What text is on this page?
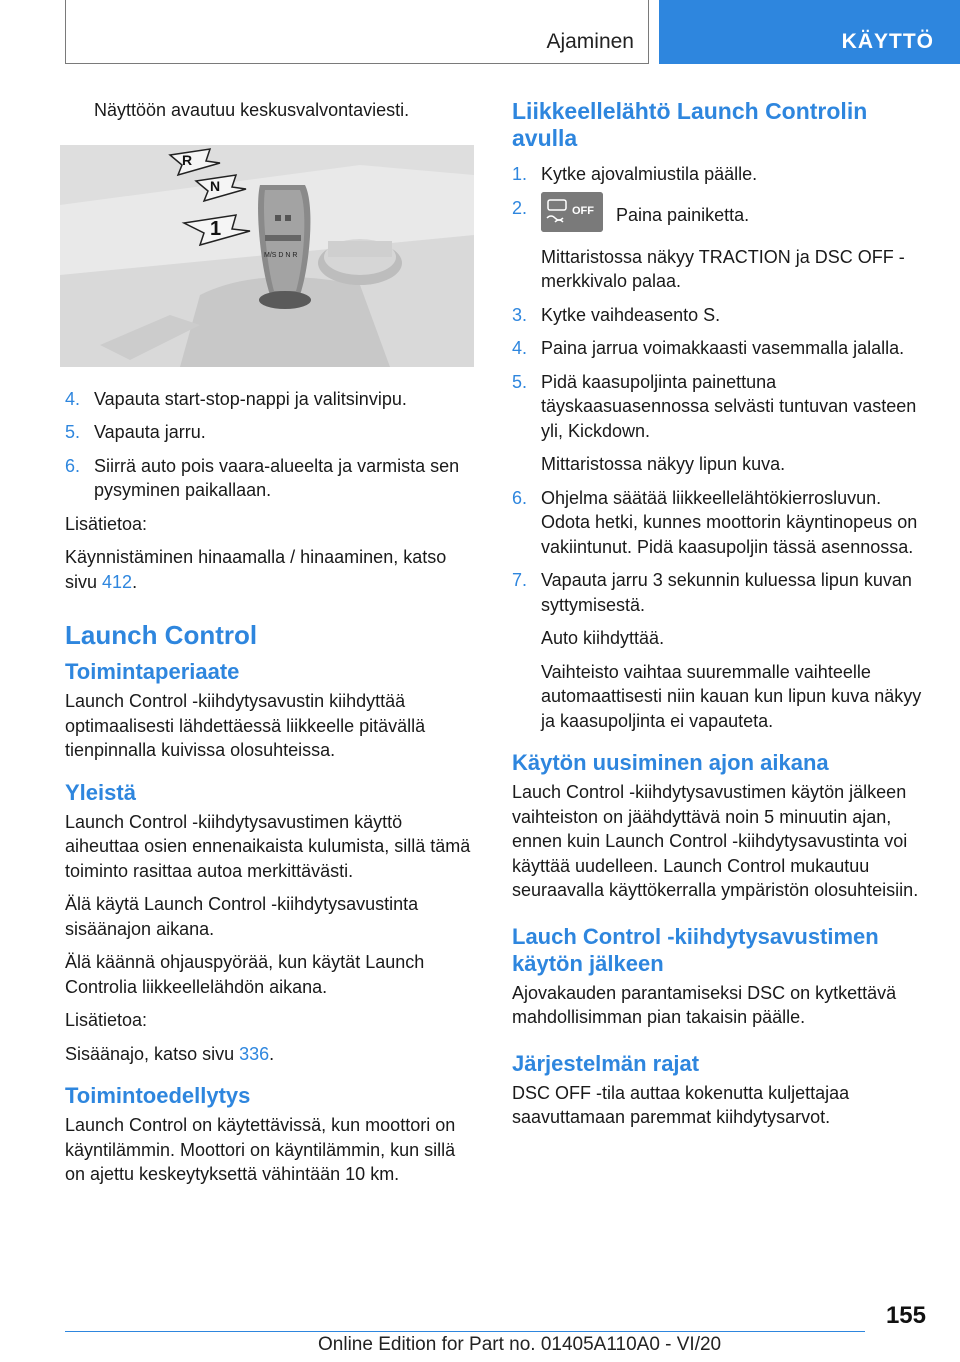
Ajaminen	KÄYTTÖ

Näyttöön avautuu keskusvalvontaviesti.

R
N
1
M/S D N R
4. Vapauta start-stop-nappi ja valitsinvipu.
5. Vapauta jarru.
6. Siirrä auto pois vaara-alueelta ja varmista sen pysyminen paikallaan.

Lisätietoa:

Käynnistäminen hinaamalla / hinaaminen, katso sivu 412.

Launch Control
Toimintaperiaate

Launch Control -kiihdytysavustin kiihdyttää optimaalisesti lähdettäessä liikkeelle pitävällä tienpinnalla kuivissa olosuhteissa.

Yleistä

Launch Control -kiihdytysavustimen käyttö aiheuttaa osien ennenaikaista kulumista, sillä tämä toiminto rasittaa autoa merkittävästi.

Älä käytä Launch Control -kiihdytysavustinta sisäänajon aikana.

Älä käännä ohjauspyörää, kun käytät Launch Controlia liikkeellelähdön aikana.

Lisätietoa:

Sisäänajo, katso sivu 336.

Toimintoedellytys

Launch Control on käytettävissä, kun moottori on käyntilämmin. Moottori on käyntilämmin, kun sillä on ajettu keskeytyksettä vähintään 10 km.

Liikkeellelähtö Launch Controlin avulla
1. Kytke ajovalmiustila päälle.
2.	OFF Paina painiketta.
Mittaristossa näkyy TRACTION ja DSC OFF -merkkivalo palaa.
3. Kytke vaihdeasento S.
4. Paina jarrua voimakkaasti vasemmalla jalalla.
5. Pidä kaasupoljinta painettuna täyskaasuasennossa selvästi tuntuvan vasteen yli, Kickdown.
Mittaristossa näkyy lipun kuva.
6. Ohjelma säätää liikkeellelähtökierrosluvun. Odota hetki, kunnes moottorin käyntinopeus on vakiintunut. Pidä kaasupoljin tässä asennossa.
7. Vapauta jarru 3 sekunnin kuluessa lipun kuvan syttymisestä.
Auto kiihdyttää.
Vaihteisto vaihtaa suuremmalle vaihteelle automaattisesti niin kauan kun lipun kuva näkyy ja kaasupoljinta ei vapauteta.
Käytön uusiminen ajon aikana

Lauch Control -kiihdytysavustimen käytön jälkeen vaihteiston on jäähdyttävä noin 5 minuutin ajan, ennen kuin Launch Control -kiihdytysavustinta voi käyttää uudelleen. Launch Control mukautuu seuraavalla käyttökerralla ympäristön olosuhteisiin.

Lauch Control -kiihdytysavustimen käytön jälkeen

Ajovakauden parantamiseksi DSC on kytkettävä mahdollisimman pian takaisin päälle.

Järjestelmän rajat

DSC OFF -tila auttaa kokenutta kuljettajaa saavuttamaan paremmat kiihdytysarvot.

155
Online Edition for Part no. 01405A110A0 - VI/20
